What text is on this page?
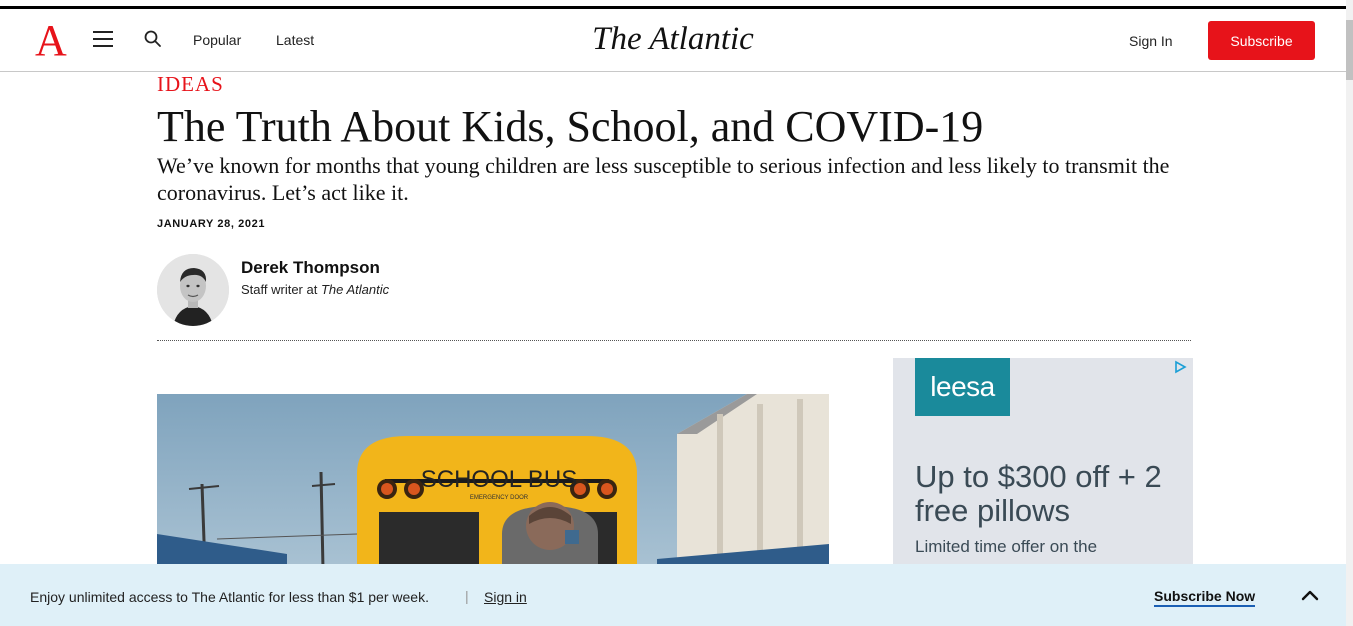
A	Popular Latest	The Atlantic	Sign In	Subscribe
IDEAS
The Truth About Kids, School, and COVID-19

We’ve known for months that young children are less susceptible to serious infection and less likely to transmit the coronavirus. Let’s act like it.

JANUARY 28, 2021
Derek Thompson
Staff writer at The Atlantic
SCHOOL BUS
EMERGENCY DOOR
leesa
Up to $300 off + 2 free pillows
Limited time offer on the
Enjoy unlimited access to The Atlantic for less than $1 per week.	| Sign in	Subscribe Now
